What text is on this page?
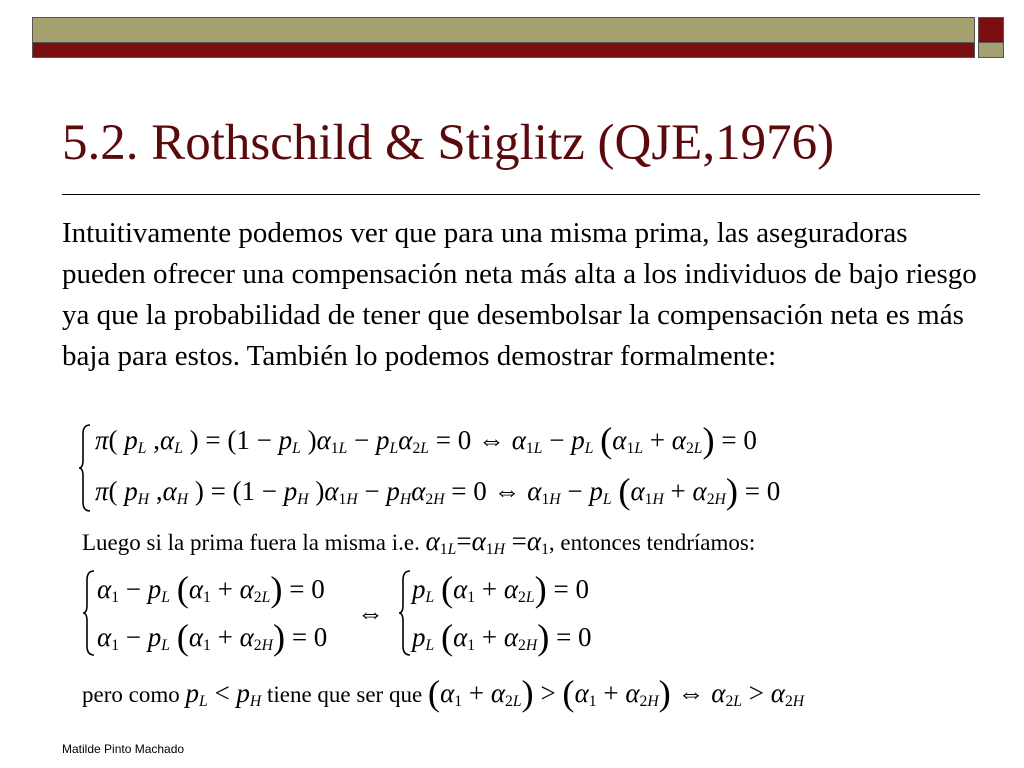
5.2. Rothschild & Stiglitz (QJE,1976)
Intuitivamente podemos ver que para una misma prima, las aseguradoras pueden ofrecer una compensación neta más alta a los individuos de bajo riesgo ya que la probabilidad de tener que desembolsar la compensación neta es más baja para estos. También lo podemos demostrar formalmente:
π( $p_L$ $,\alpha_L$ ) = ($1 - p_L$ )$\alpha_{1L} - p_L\alpha_{2L} = 0$ ⇔ $\alpha_{1L} - p_L$ $(\alpha_{1L} + \alpha_{2L}) = 0$
π( $p_H$ $,\alpha_H$ ) = ($1 - p_H$ )$\alpha_{1H} - p_H\alpha_{2H} = 0$ ⇔ $\alpha_{1H} - p_L$ $(\alpha_{1H} + \alpha_{2H}) = 0$
Luego si la prima fuera la misma i.e. $\alpha_{1L}=\alpha_{1H} =\alpha_1$, entonces tendríamos:
$\alpha_1 - p_L$ $(\alpha_1 + \alpha_{2L}) = 0$
$\alpha_1 - p_L$ $(\alpha_1 + \alpha_{2H}) = 0$
⇔
$p_L$ $(\alpha_1 + \alpha_{2L}) = 0$
$p_L$ $(\alpha_1 + \alpha_{2H}) = 0$
pero como $p_L < p_H$ tiene que ser que $(\alpha_1 + \alpha_{2L}) > (\alpha_1 + \alpha_{2H})$ ⇔ $\alpha_{2L} > \alpha_{2H}$
Matilde Pinto Machado
